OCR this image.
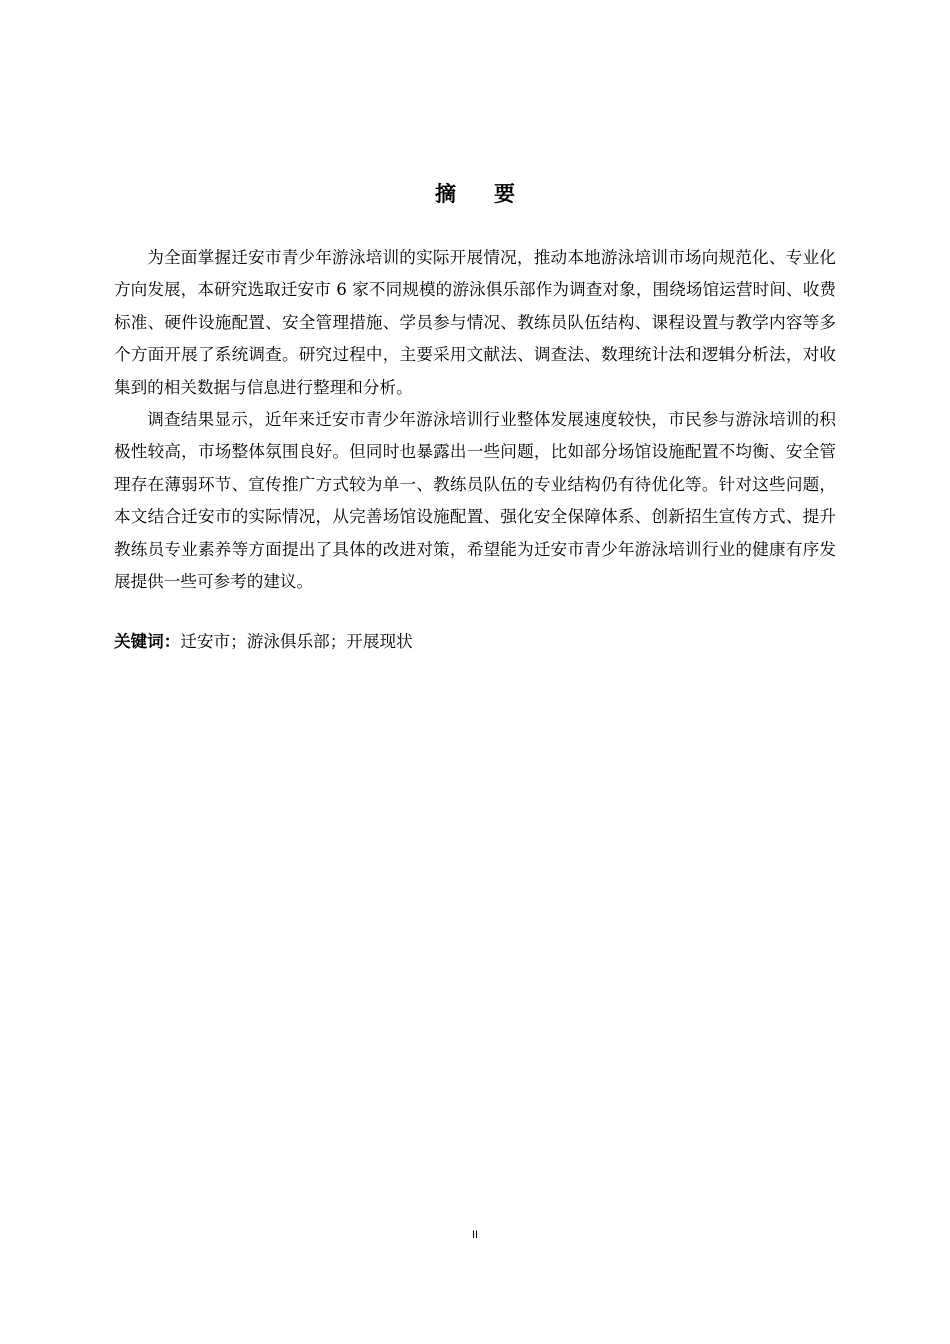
摘要

为全面掌握迁安市青少年游泳培训的实际开展情况，推动本地游泳培训市场向规范化、专业化方向发展，本研究选取迁安市 6 家不同规模的游泳俱乐部作为调查对象，围绕场馆运营时间、收费标准、硬件设施配置、安全管理措施、学员参与情况、教练员队伍结构、课程设置与教学内容等多个方面开展了系统调查。研究过程中，主要采用文献法、调查法、数理统计法和逻辑分析法，对收集到的相关数据与信息进行整理和分析。

调查结果显示，近年来迁安市青少年游泳培训行业整体发展速度较快，市民参与游泳培训的积极性较高，市场整体氛围良好。但同时也暴露出一些问题，比如部分场馆设施配置不均衡、安全管理存在薄弱环节、宣传推广方式较为单一、教练员队伍的专业结构仍有待优化等。针对这些问题，本文结合迁安市的实际情况，从完善场馆设施配置、强化安全保障体系、创新招生宣传方式、提升教练员专业素养等方面提出了具体的改进对策，希望能为迁安市青少年游泳培训行业的健康有序发展提供一些可参考的建议。

关键词：迁安市；游泳俱乐部；开展现状
II
